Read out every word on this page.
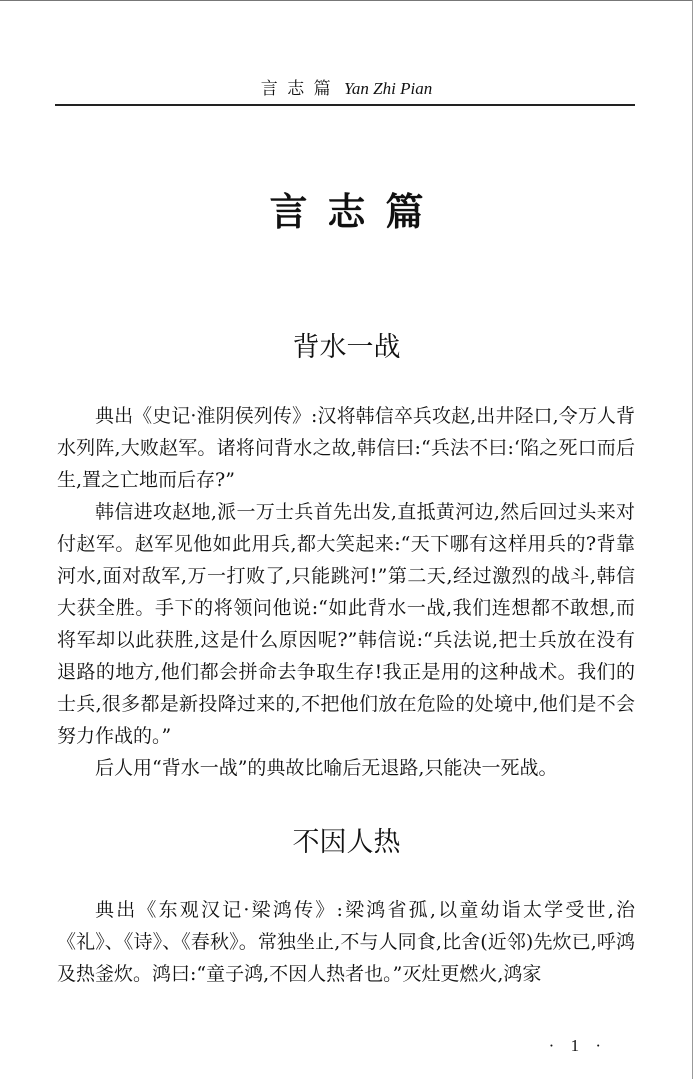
言 志 篇 Yan Zhi Pian
言志篇
背水一战

典出《史记·淮阴侯列传》:汉将韩信卒兵攻赵,出井陉口,令万人背水列阵,大败赵军。诸将问背水之故,韩信曰:“兵法不曰:‘陷之死口而后生,置之亡地而后存?”

韩信进攻赵地,派一万士兵首先出发,直抵黄河边,然后回过头来对付赵军。赵军见他如此用兵,都大笑起来:“天下哪有这样用兵的?背靠河水,面对敌军,万一打败了,只能跳河!”第二天,经过激烈的战斗,韩信大获全胜。手下的将领问他说:“如此背水一战,我们连想都不敢想,而将军却以此获胜,这是什么原因呢?”韩信说:“兵法说,把士兵放在没有退路的地方,他们都会拼命去争取生存!我正是用的这种战术。我们的士兵,很多都是新投降过来的,不把他们放在危险的处境中,他们是不会努力作战的。”

后人用“背水一战”的典故比喻后无退路,只能决一死战。

不因人热

典出《东观汉记·梁鸿传》:梁鸿省孤,以童幼诣太学受世,治《礼》、《诗》、《春秋》。常独坐止,不与人同食,比舍(近邻)先炊已,呼鸿及热釜炊。鸿曰:“童子鸿,不因人热者也。”灭灶更燃火,鸿家

· 1 ·
